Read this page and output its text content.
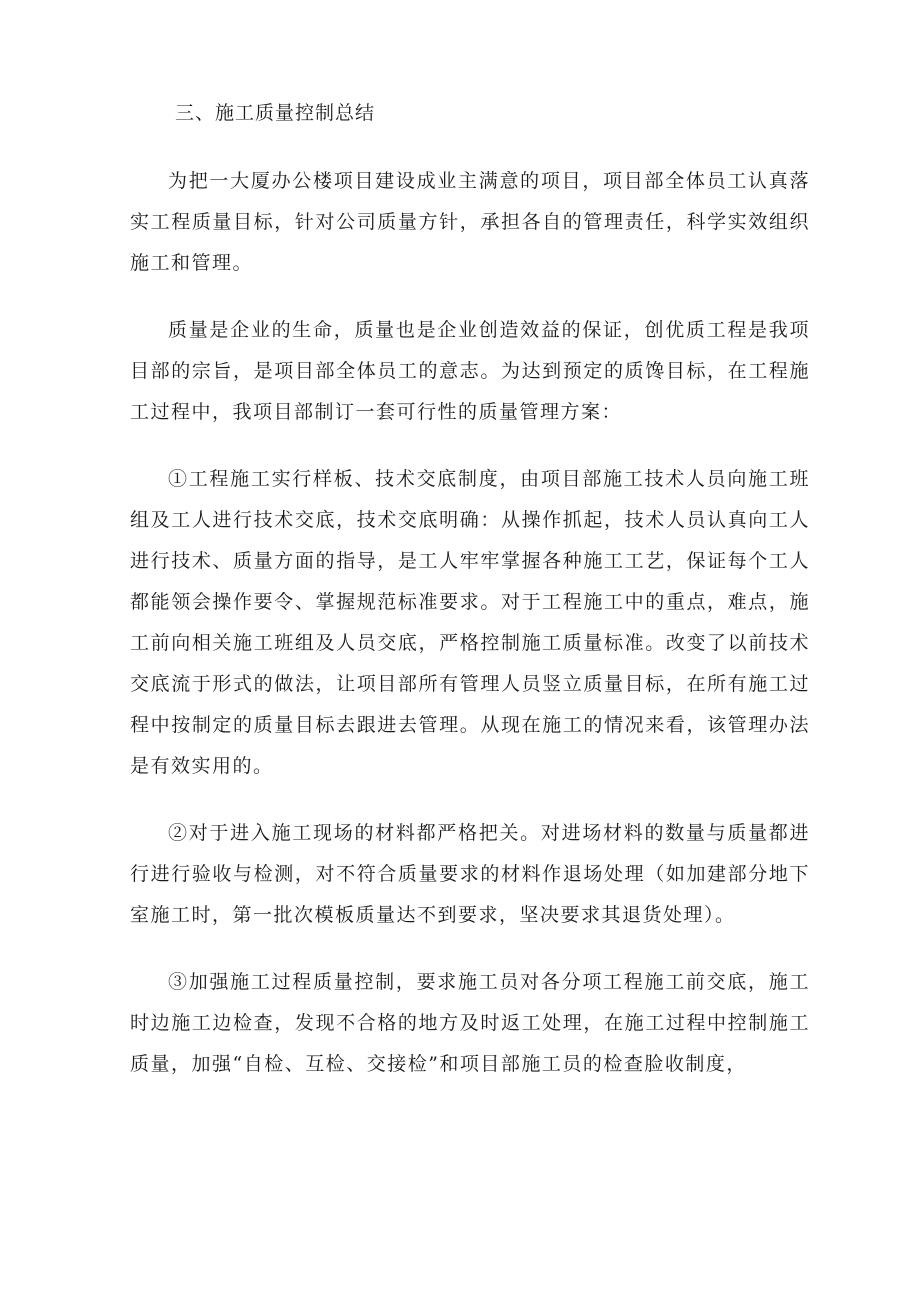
三、施工质量控制总结

为把一大厦办公楼项目建设成业主满意的项目，项目部全体员工认真落实工程质量目标，针对公司质量方针，承担各自的管理责任，科学实效组织施工和管理。

质量是企业的生命，质量也是企业创造效益的保证，创优质工程是我项目部的宗旨，是项目部全体员工的意志。为达到预定的质馋目标，在工程施工过程中，我项目部制订一套可行性的质量管理方案：

①工程施工实行样板、技术交底制度，由项目部施工技术人员向施工班组及工人进行技术交底，技术交底明确：从操作抓起，技术人员认真向工人进行技术、质量方面的指导，是工人牢牢掌握各种施工工艺，保证每个工人都能领会操作要令、掌握规范标准要求。对于工程施工中的重点，难点，施工前向相关施工班组及人员交底，严格控制施工质量标准。改变了以前技术交底流于形式的做法，让项目部所有管理人员竖立质量目标，在所有施工过程中按制定的质量目标去跟进去管理。从现在施工的情况来看，该管理办法是有效实用的。

②对于进入施工现场的材料都严格把关。对进场材料的数量与质量都进行进行验收与检测，对不符合质量要求的材料作退场处理（如加建部分地下室施工时，第一批次模板质量达不到要求，坚决要求其退货处理）。

③加强施工过程质量控制，要求施工员对各分项工程施工前交底，施工时边施工边检查，发现不合格的地方及时返工处理，在施工过程中控制施工质量，加强“自检、互检、交接检”和项目部施工员的检查脸收制度，
